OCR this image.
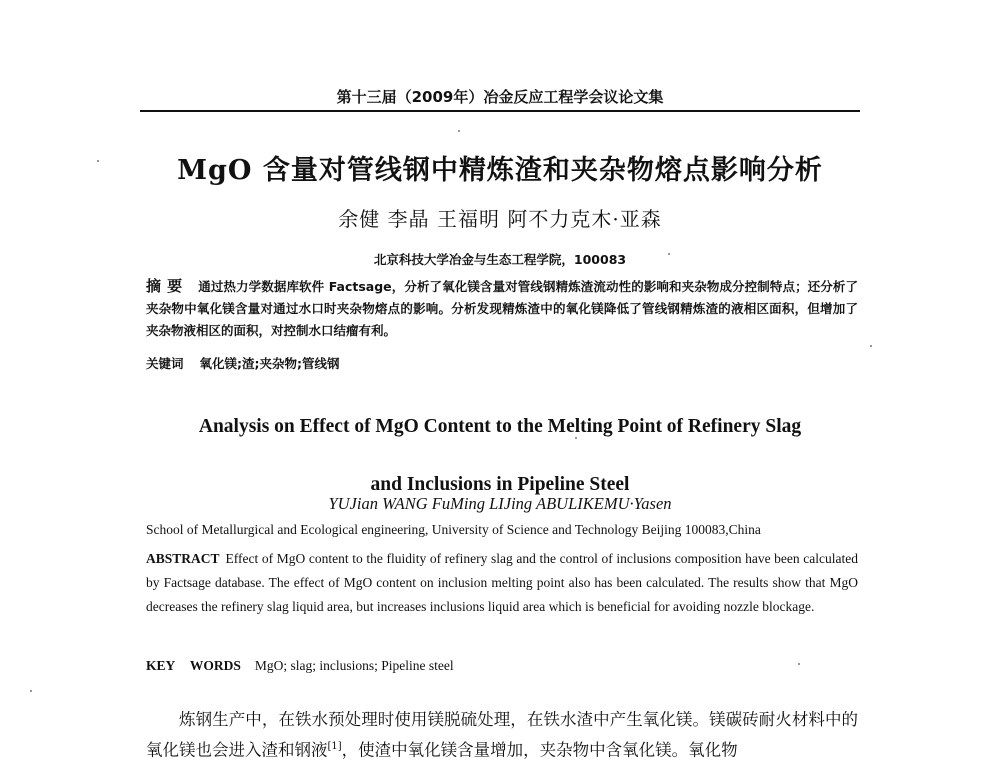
第十三届（2009年）冶金反应工程学会议论文集
MgO 含量对管线钢中精炼渣和夹杂物熔点影响分析
余健 李晶 王福明 阿不力克木·亚森
北京科技大学冶金与生态工程学院，100083
摘要 通过热力学数据库软件 Factsage，分析了氧化镁含量对管线钢精炼渣流动性的影响和夹杂物成分控制特点；还分析了夹杂物中氧化镁含量对通过水口时夹杂物熔点的影响。分析发现精炼渣中的氧化镁降低了管线钢精炼渣的液相区面积，但增加了夹杂物液相区的面积，对控制水口结瘤有利。
关键词 氧化镁;渣;夹杂物;管线钢
Analysis on Effect of MgO Content to the Melting Point of Refinery Slag
and Inclusions in Pipeline Steel
YUJian WANG FuMing LIJing ABULIKEMU·Yasen
School of Metallurgical and Ecological engineering, University of Science and Technology Beijing 100083,China
ABSTRACT Effect of MgO content to the fluidity of refinery slag and the control of inclusions composition have been calculated by Factsage database. The effect of MgO content on inclusion melting point also has been calculated. The results show that MgO decreases the refinery slag liquid area, but increases inclusions liquid area which is beneficial for avoiding nozzle blockage.
KEY WORDS MgO; slag; inclusions; Pipeline steel
炼钢生产中，在铁水预处理时使用镁脱硫处理，在铁水渣中产生氧化镁。镁碳砖耐火材料中的氧化镁也会进入渣和钢液[1]，使渣中氧化镁含量增加，夹杂物中含氧化镁。氧化物
